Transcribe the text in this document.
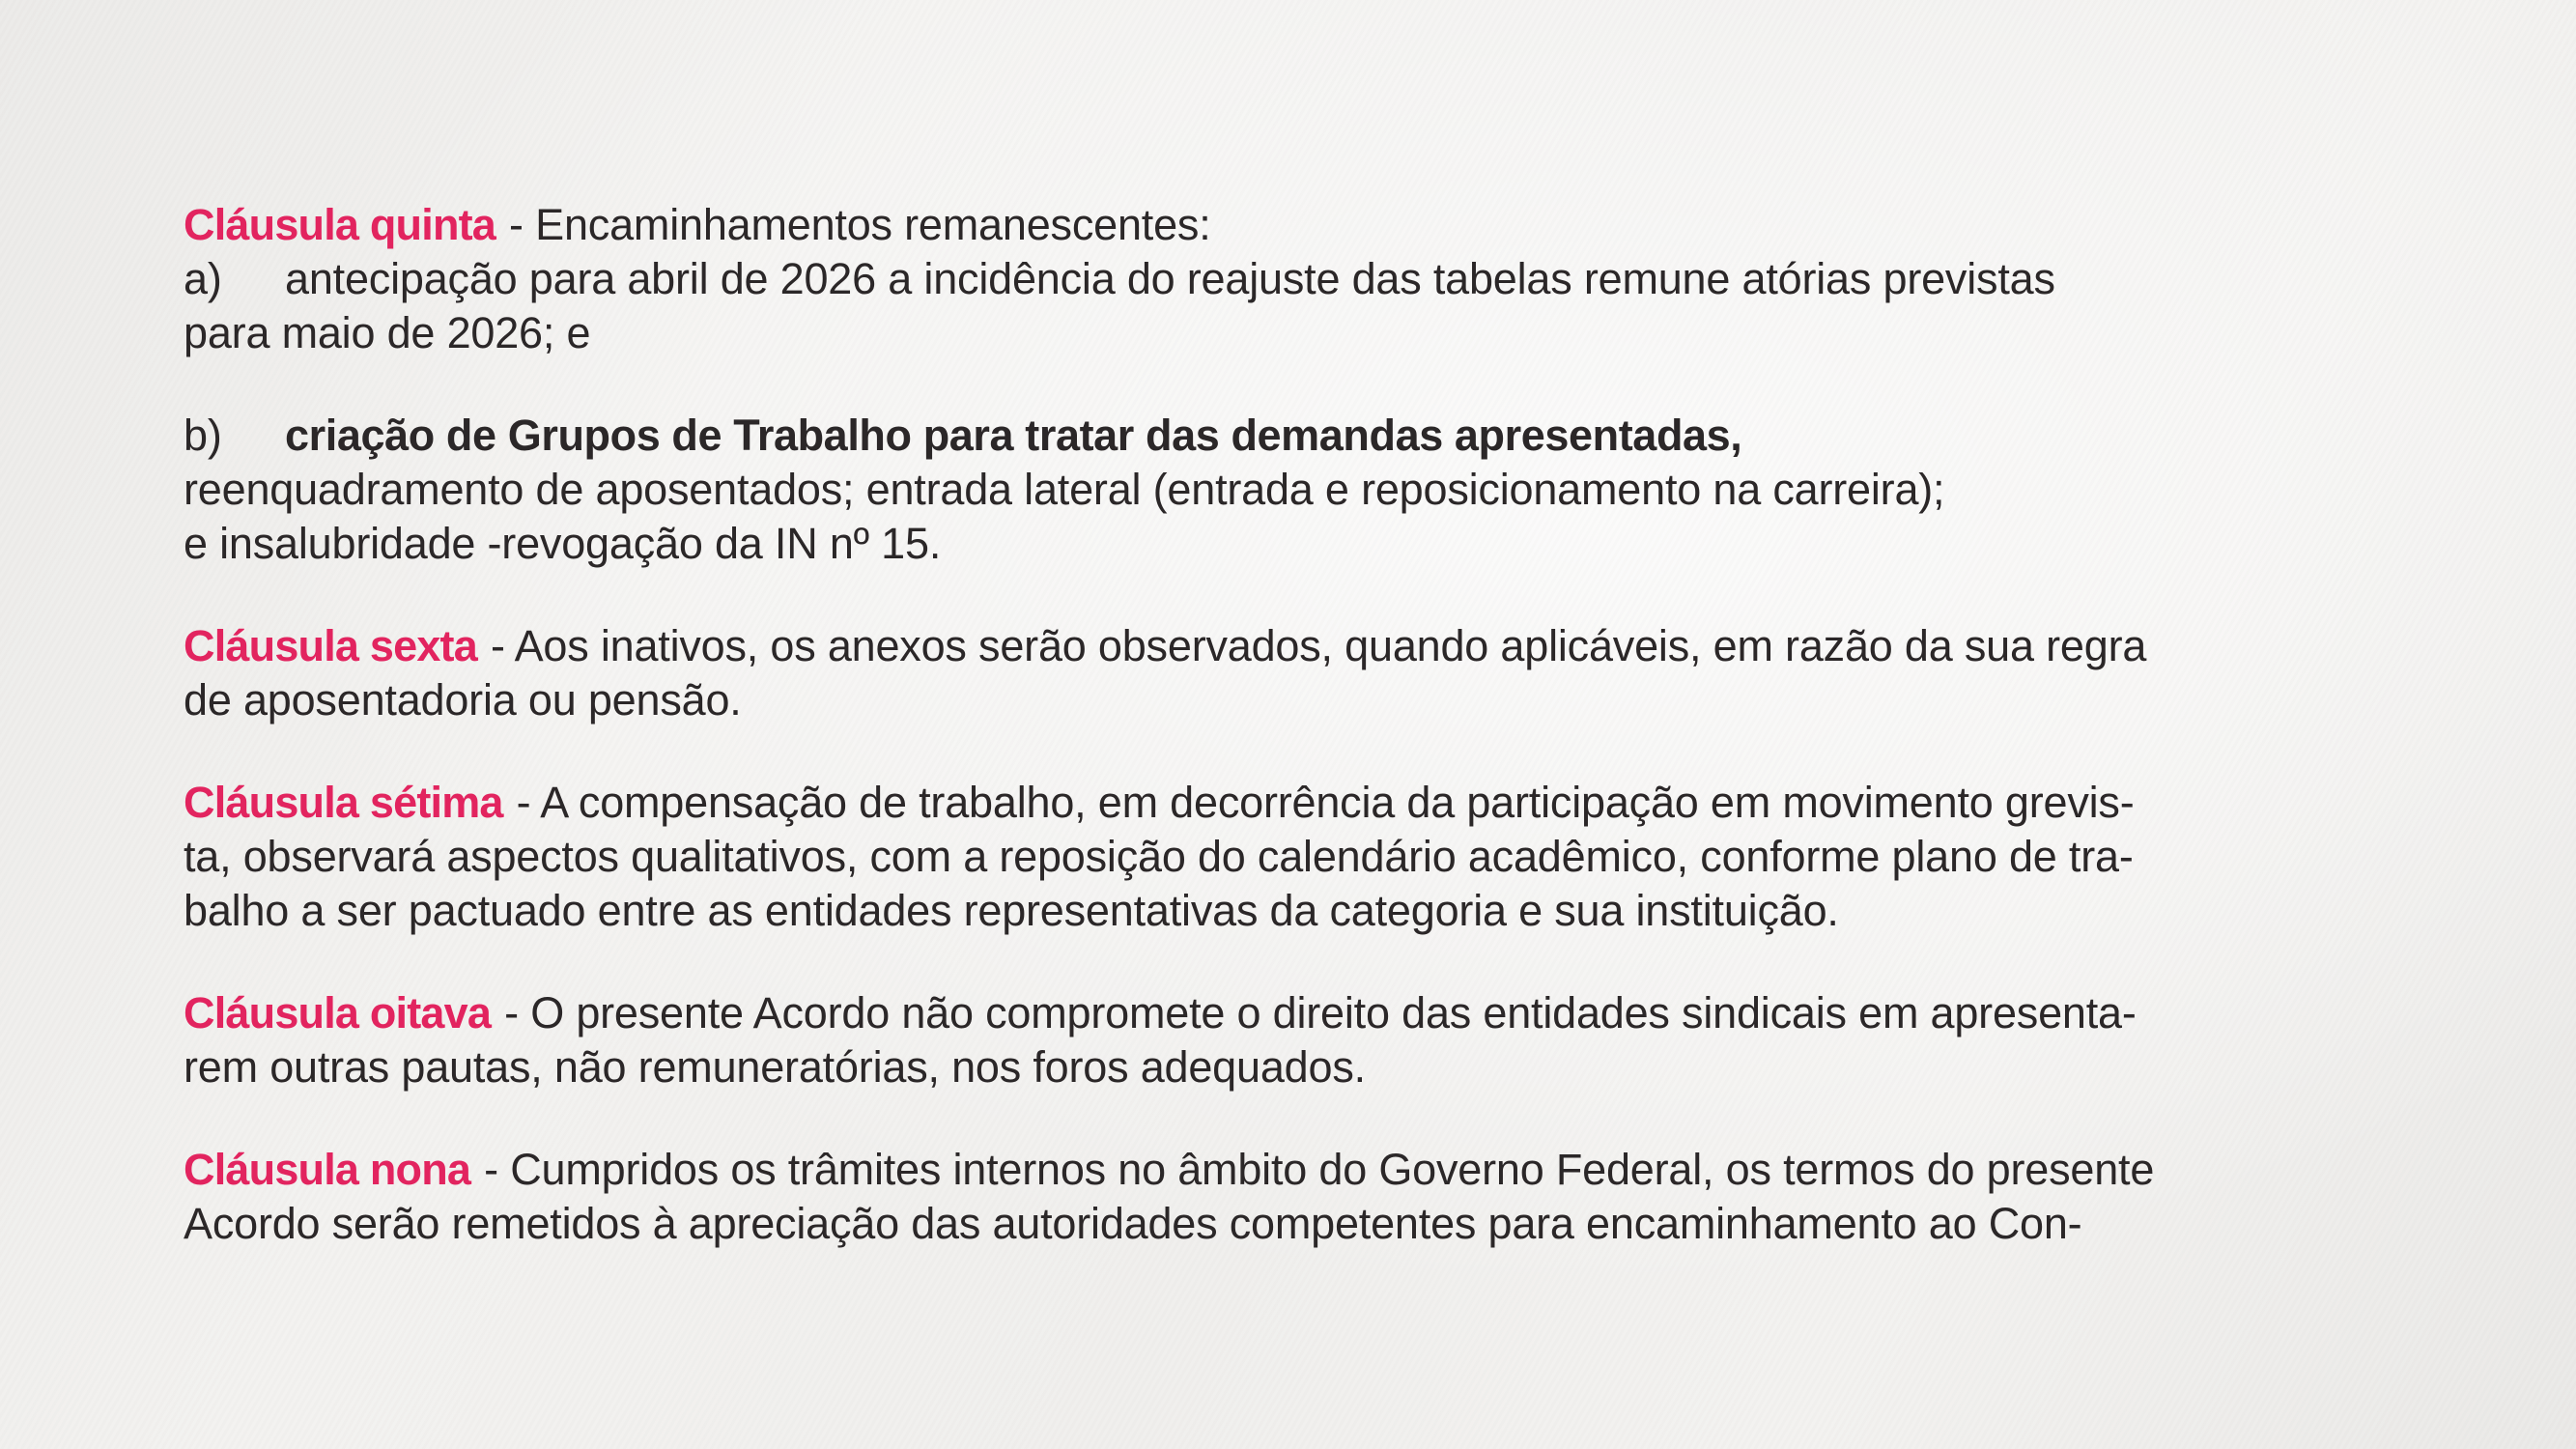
Cláusula quinta - Encaminhamentos remanescentes:
a) antecipação para abril de 2026 a incidência do reajuste das tabelas remune atórias previstas
para maio de 2026; e
b) criação de Grupos de Trabalho para tratar das demandas apresentadas,
reenquadramento de aposentados; entrada lateral (entrada e reposicionamento na carreira);
e insalubridade -revogação da IN nº 15.
Cláusula sexta - Aos inativos, os anexos serão observados, quando aplicáveis, em razão da sua regra
de aposentadoria ou pensão.
Cláusula sétima - A compensação de trabalho, em decorrência da participação em movimento grevis-
ta, observará aspectos qualitativos, com a reposição do calendário acadêmico, conforme plano de tra-
balho a ser pactuado entre as entidades representativas da categoria e sua instituição.
Cláusula oitava - O presente Acordo não compromete o direito das entidades sindicais em apresenta-
rem outras pautas, não remuneratórias, nos foros adequados.
Cláusula nona - Cumpridos os trâmites internos no âmbito do Governo Federal, os termos do presente
Acordo serão remetidos à apreciação das autoridades competentes para encaminhamento ao Con-
